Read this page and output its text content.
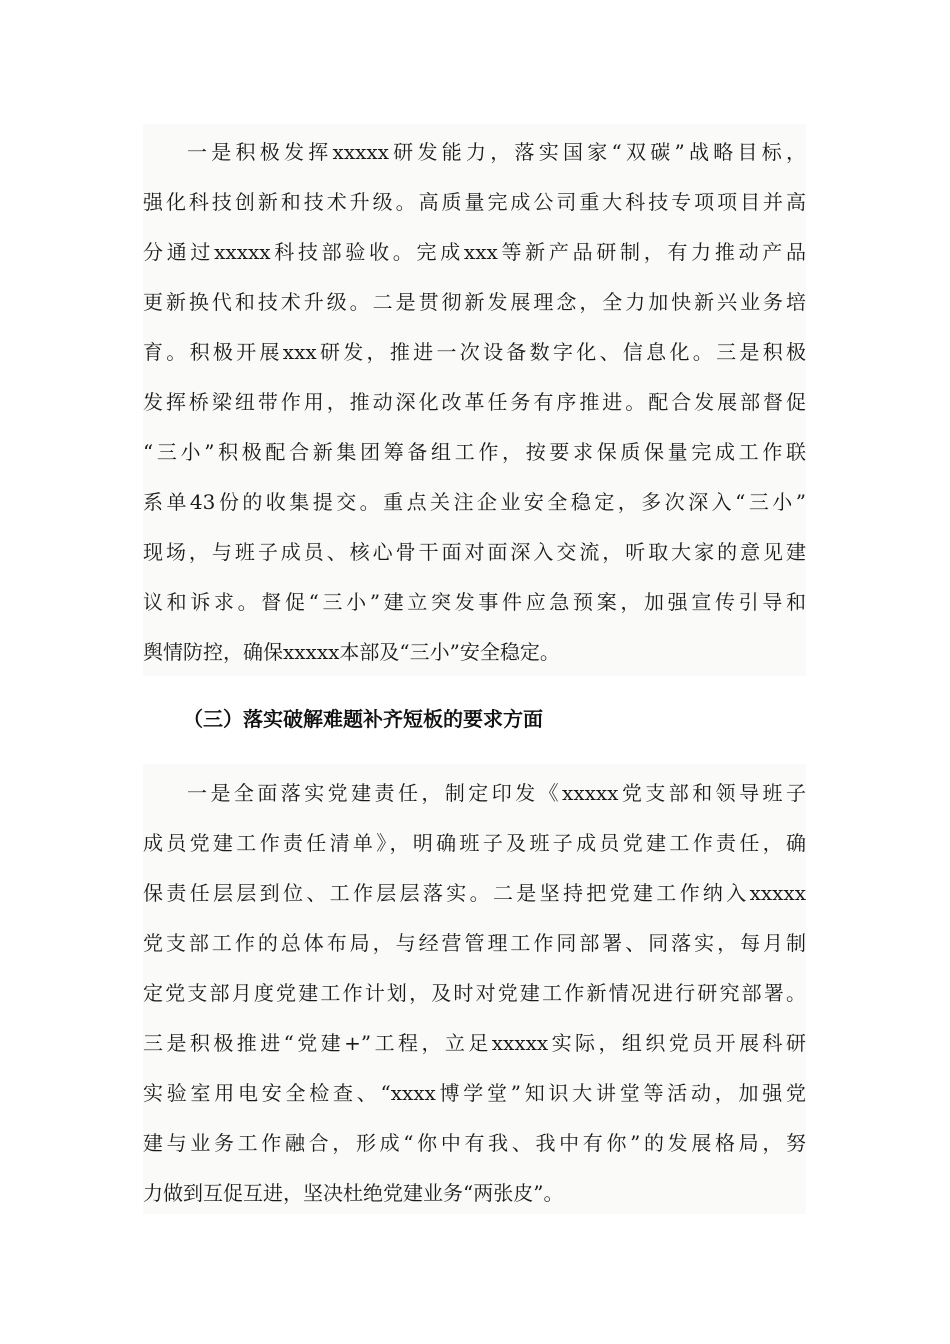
一是积极发挥xxxxx研发能力，落实国家“双碳”战略目标，
强化科技创新和技术升级。高质量完成公司重大科技专项项目并高
分通过xxxxx科技部验收。完成xxx等新产品研制，有力推动产品
更新换代和技术升级。二是贯彻新发展理念，全力加快新兴业务培
育。积极开展xxx研发，推进一次设备数字化、信息化。三是积极
发挥桥梁纽带作用，推动深化改革任务有序推进。配合发展部督促
“三小”积极配合新集团筹备组工作，按要求保质保量完成工作联
系单43份的收集提交。重点关注企业安全稳定，多次深入“三小”
现场，与班子成员、核心骨干面对面深入交流，听取大家的意见建
议和诉求。督促“三小”建立突发事件应急预案，加强宣传引导和
舆情防控，确保xxxxx本部及“三小”安全稳定。
（三）落实破解难题补齐短板的要求方面
一是全面落实党建责任，制定印发《xxxxx党支部和领导班子
成员党建工作责任清单》，明确班子及班子成员党建工作责任，确
保责任层层到位、工作层层落实。二是坚持把党建工作纳入xxxxx
党支部工作的总体布局，与经营管理工作同部署、同落实，每月制
定党支部月度党建工作计划，及时对党建工作新情况进行研究部署。
三是积极推进“党建+”工程，立足xxxxx实际，组织党员开展科研
实验室用电安全检查、“xxxx博学堂”知识大讲堂等活动，加强党
建与业务工作融合，形成“你中有我、我中有你”的发展格局，努
力做到互促互进，坚决杜绝党建业务“两张皮”。
